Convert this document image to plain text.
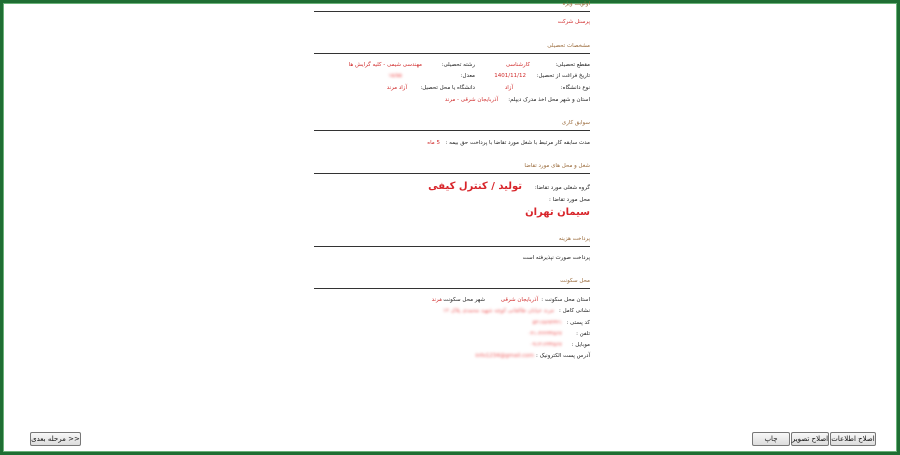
اولویت ویژه
پرسنل شرکت
مشخصات تحصیلی
مقطع تحصیلی:
کارشناسی
رشته تحصیلی:
مهندسی شیمی - کلیه گرایش ها
تاریخ فراغت از تحصیل:
1401/11/12
معدل:
۱۵/۵۵
نوع دانشگاه:
آزاد
دانشگاه یا محل تحصیل:
آزاد مرند
استان و شهر محل اخذ مدرک دیپلم:
آذربایجان شرقی - مرند
سوابق کاری
مدت سابقه کار مرتبط با شغل مورد تقاضا با پرداخت حق بیمه :
5 ماه
شغل و محل های مورد تقاضا
گروه شغلی مورد تقاضا:
تولید / کنترل کیفی
محل مورد تقاضا :
سیمان تهران
پرداخت هزینه
پرداخت صورت نپذیرفته است
محل سکونت
استان محل سکونت :
آذربایجان شرقی
شهر محل سکونت :
مرند
نشانی کامل :
مرند خیابان طالقانی کوچه شهید محمدی پلاک ۱۲
کد پستی :
۵۴۱۷۸۹۴۳۲۱
تلفن :
۰۴۱-۴۲۲۳۴۵۶۷
موبایل :
۰۹۱۴۱۲۳۴۵۶۷
آدرس پست الکترونیک :
info1234@gmail.com
مرحله بعدی >>	چاپ	اصلاح تصویر اصلاح اطلاعات
